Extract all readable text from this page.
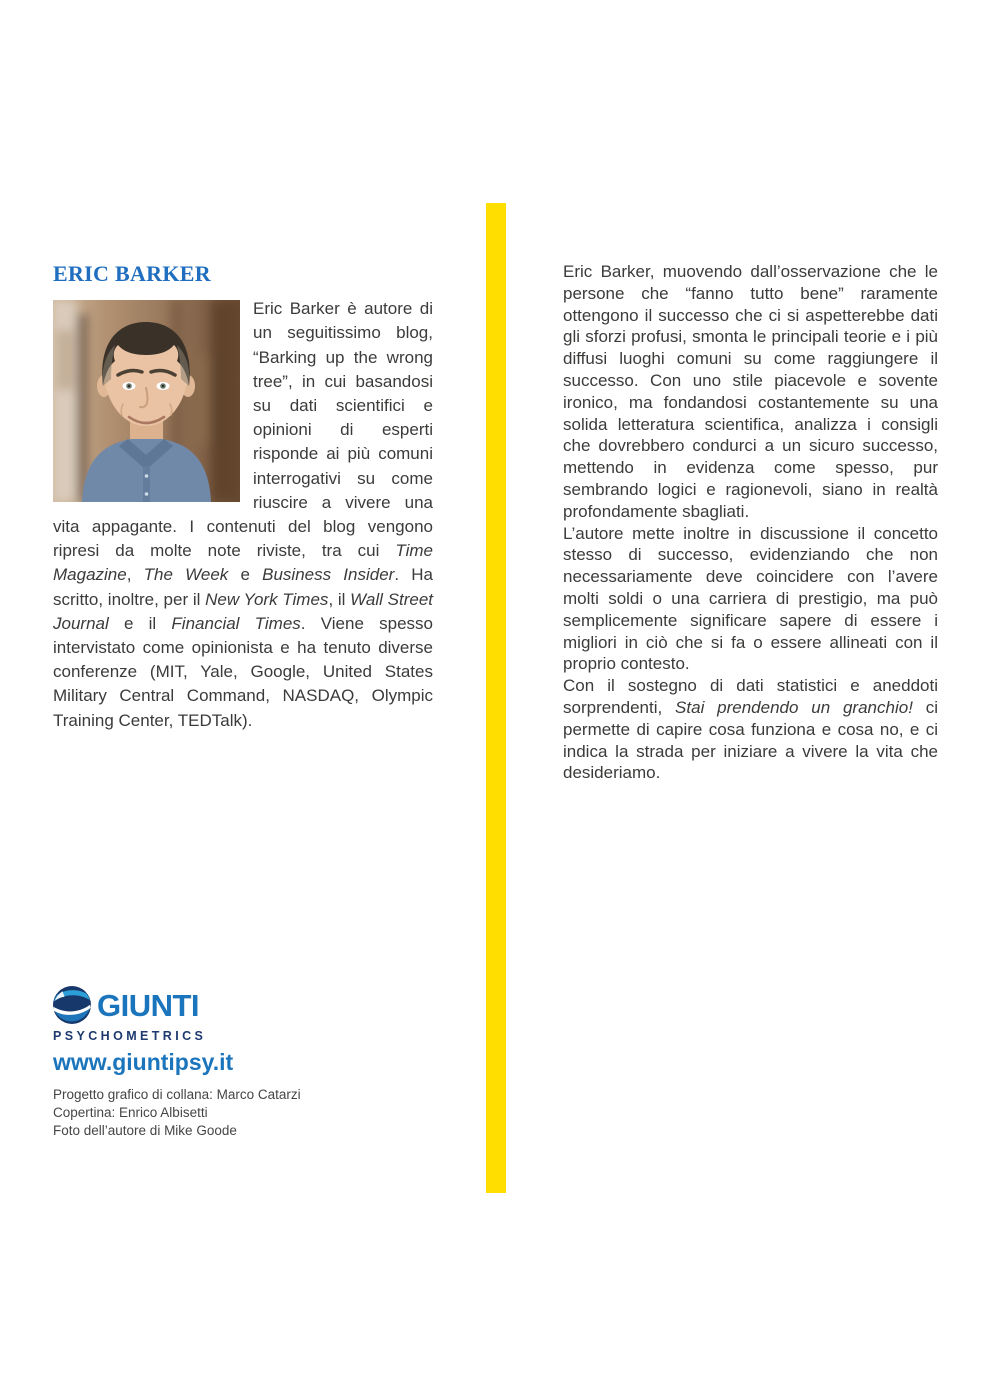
ERIC BARKER
Eric Barker è autore di un seguitissimo blog, “Barking up the wrong tree”, in cui basandosi su dati scientifici e opinioni di esperti risponde ai più comuni interrogativi su come riuscire a vivere una vita appagante. I contenuti del blog vengono ripresi da molte note riviste, tra cui Time Magazine, The Week e Business Insider. Ha scritto, inoltre, per il New York Times, il Wall Street Journal e il Financial Times. Viene spesso intervistato come opinionista e ha tenuto diverse conferenze (MIT, Yale, Google, United States Military Central Command, NASDAQ, Olympic Training Center, TEDTalk).

Eric Barker, muovendo dall’osservazione che le persone che “fanno tutto bene” raramente ottengono il successo che ci si aspetterebbe dati gli sforzi profusi, smonta le principali teorie e i più diffusi luoghi comuni su come raggiungere il successo. Con uno stile piacevole e sovente ironico, ma fondandosi costantemente su una solida letteratura scientifica, analizza i consigli che dovrebbero condurci a un sicuro successo, mettendo in evidenza come spesso, pur sembrando logici e ragionevoli, siano in realtà profondamente sbagliati.

L’autore mette inoltre in discussione il concetto stesso di successo, evidenziando che non necessariamente deve coincidere con l’avere molti soldi o una carriera di prestigio, ma può semplicemente significare sapere di essere i migliori in ciò che si fa o essere allineati con il proprio contesto.

Con il sostegno di dati statistici e aneddoti sorprendenti, Stai prendendo un granchio! ci permette di capire cosa funziona e cosa no, e ci indica la strada per iniziare a vivere la vita che desideriamo.

GIUNTI
PSYCHOMETRICS
www.giuntipsy.it
Progetto grafico di collana: Marco Catarzi
Copertina: Enrico Albisetti
Foto dell’autore di Mike Goode
